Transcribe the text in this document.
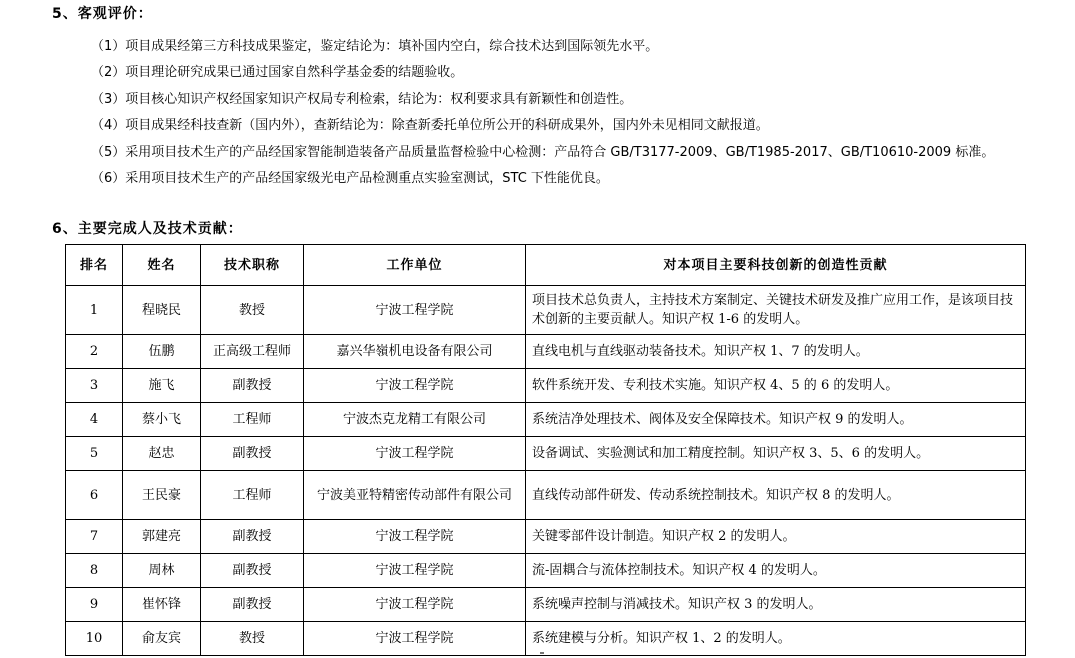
5、客观评价：
（1）项目成果经第三方科技成果鉴定，鉴定结论为：填补国内空白，综合技术达到国际领先水平。
（2）项目理论研究成果已通过国家自然科学基金委的结题验收。
（3）项目核心知识产权经国家知识产权局专利检索，结论为：权利要求具有新颖性和创造性。
（4）项目成果经科技查新（国内外），查新结论为：除查新委托单位所公开的科研成果外，国内外未见相同文献报道。
（5）采用项目技术生产的产品经国家智能制造装备产品质量监督检验中心检测：产品符合 GB/T3177-2009、GB/T1985-2017、GB/T10610-2009 标准。
（6）采用项目技术生产的产品经国家级光电产品检测重点实验室测试，STC 下性能优良。
6、主要完成人及技术贡献：
排名	姓名	技术职称	工作单位	对本项目主要科技创新的创造性贡献
1	程晓民	教授	宁波工程学院	项目技术总负责人，主持技术方案制定、关键技术研发及推广应用工作，是该项目技术创新的主要贡献人。知识产权 1-6 的发明人。
2	伍鹏	正高级工程师	嘉兴华嶺机电设备有限公司	直线电机与直线驱动装备技术。知识产权 1、7 的发明人。
3	施飞	副教授	宁波工程学院	软件系统开发、专利技术实施。知识产权 4、5 的 6 的发明人。
4	蔡小飞	工程师	宁波杰克龙精工有限公司	系统洁净处理技术、阀体及安全保障技术。知识产权 9 的发明人。
5	赵忠	副教授	宁波工程学院	设备调试、实验测试和加工精度控制。知识产权 3、5、6 的发明人。
6	王民豪	工程师	宁波美亚特精密传动部件有限公司	直线传动部件研发、传动系统控制技术。知识产权 8 的发明人。
7	郭建亮	副教授	宁波工程学院	关键零部件设计制造。知识产权 2 的发明人。
8	周林	副教授	宁波工程学院	流-固耦合与流体控制技术。知识产权 4 的发明人。
9	崔怀锋	副教授	宁波工程学院	系统噪声控制与消减技术。知识产权 3 的发明人。
10	俞友宾	教授	宁波工程学院	系统建模与分析。知识产权 1、2 的发明人。
